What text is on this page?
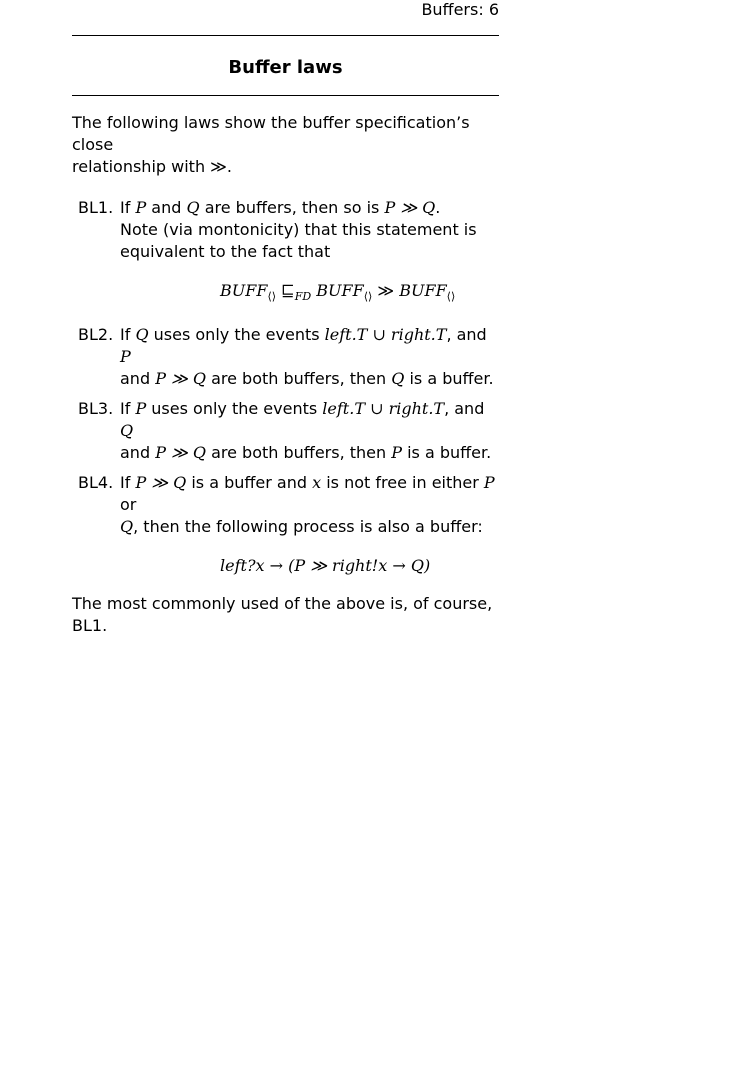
Buffers: 6
Buffer laws

The following laws show the buffer specification’s close
relationship with ≫.

BL1. If P and Q are buffers, then so is P ≫ Q.
Note (via montonicity) that this statement is
equivalent to the fact that
$BUFF_{⟨⟩}$ $⊑_{FD}$ $BUFF_{⟨⟩}$ ≫ $BUFF_{⟨⟩}$
BL2. If Q uses only the events left.T ∪ right.T, and P
and P ≫ Q are both buffers, then Q is a buffer.
BL3. If P uses only the events left.T ∪ right.T, and Q
and P ≫ Q are both buffers, then P is a buffer.
BL4. If P ≫ Q is a buffer and x is not free in either P or
Q, then the following process is also a buffer:
left?x → (P ≫ right!x → Q)

The most commonly used of the above is, of course, BL1.
